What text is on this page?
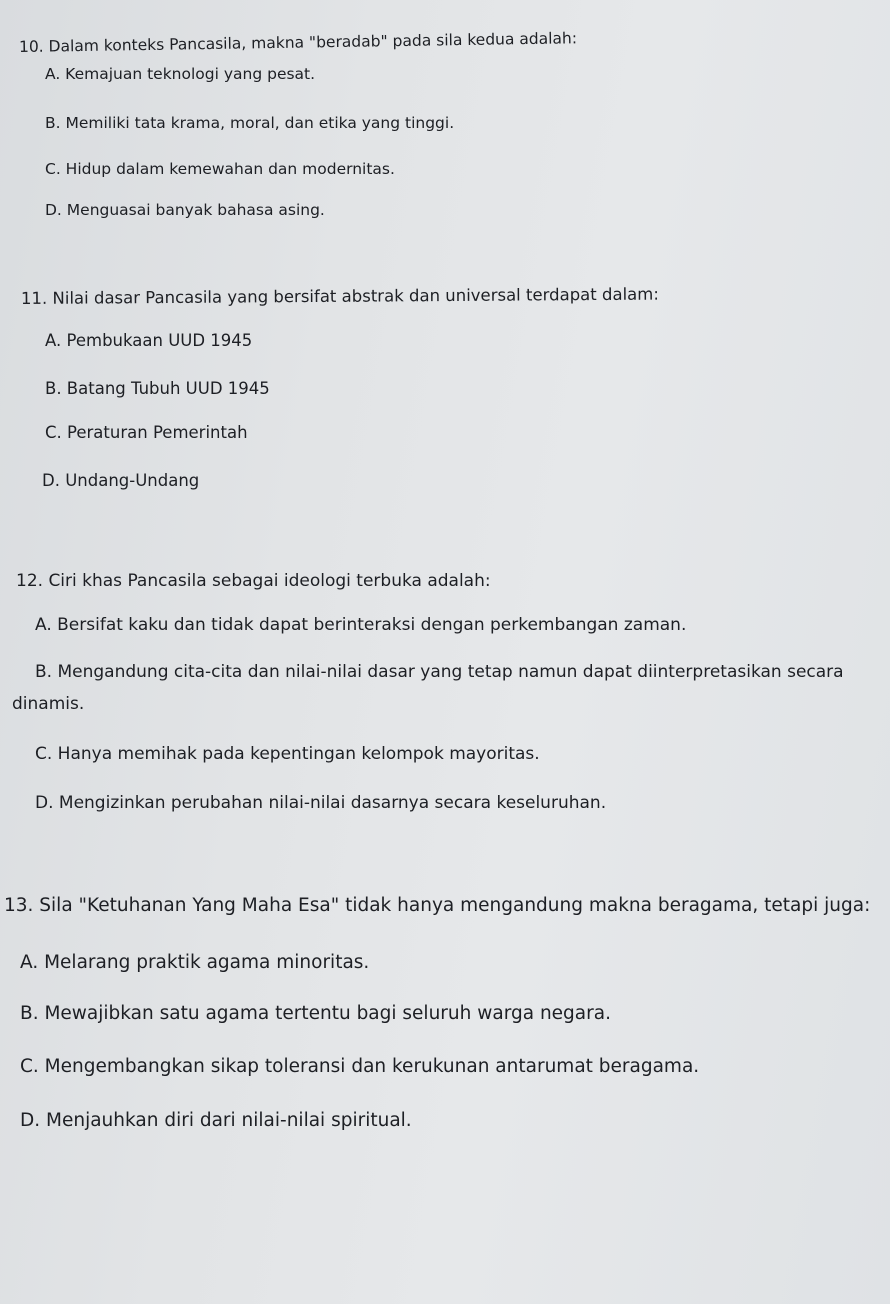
10. Dalam konteks Pancasila, makna "beradab" pada sila kedua adalah:
A. Kemajuan teknologi yang pesat.
B. Memiliki tata krama, moral, dan etika yang tinggi.
C. Hidup dalam kemewahan dan modernitas.
D. Menguasai banyak bahasa asing.
11. Nilai dasar Pancasila yang bersifat abstrak dan universal terdapat dalam:
A. Pembukaan UUD 1945
B. Batang Tubuh UUD 1945
C. Peraturan Pemerintah
D. Undang-Undang
12. Ciri khas Pancasila sebagai ideologi terbuka adalah:
A. Bersifat kaku dan tidak dapat berinteraksi dengan perkembangan zaman.
B. Mengandung cita-cita dan nilai-nilai dasar yang tetap namun dapat diinterpretasikan secara
dinamis.
C. Hanya memihak pada kepentingan kelompok mayoritas.
D. Mengizinkan perubahan nilai-nilai dasarnya secara keseluruhan.
13. Sila "Ketuhanan Yang Maha Esa" tidak hanya mengandung makna beragama, tetapi juga:
A. Melarang praktik agama minoritas.
B. Mewajibkan satu agama tertentu bagi seluruh warga negara.
C. Mengembangkan sikap toleransi dan kerukunan antarumat beragama.
D. Menjauhkan diri dari nilai-nilai spiritual.
